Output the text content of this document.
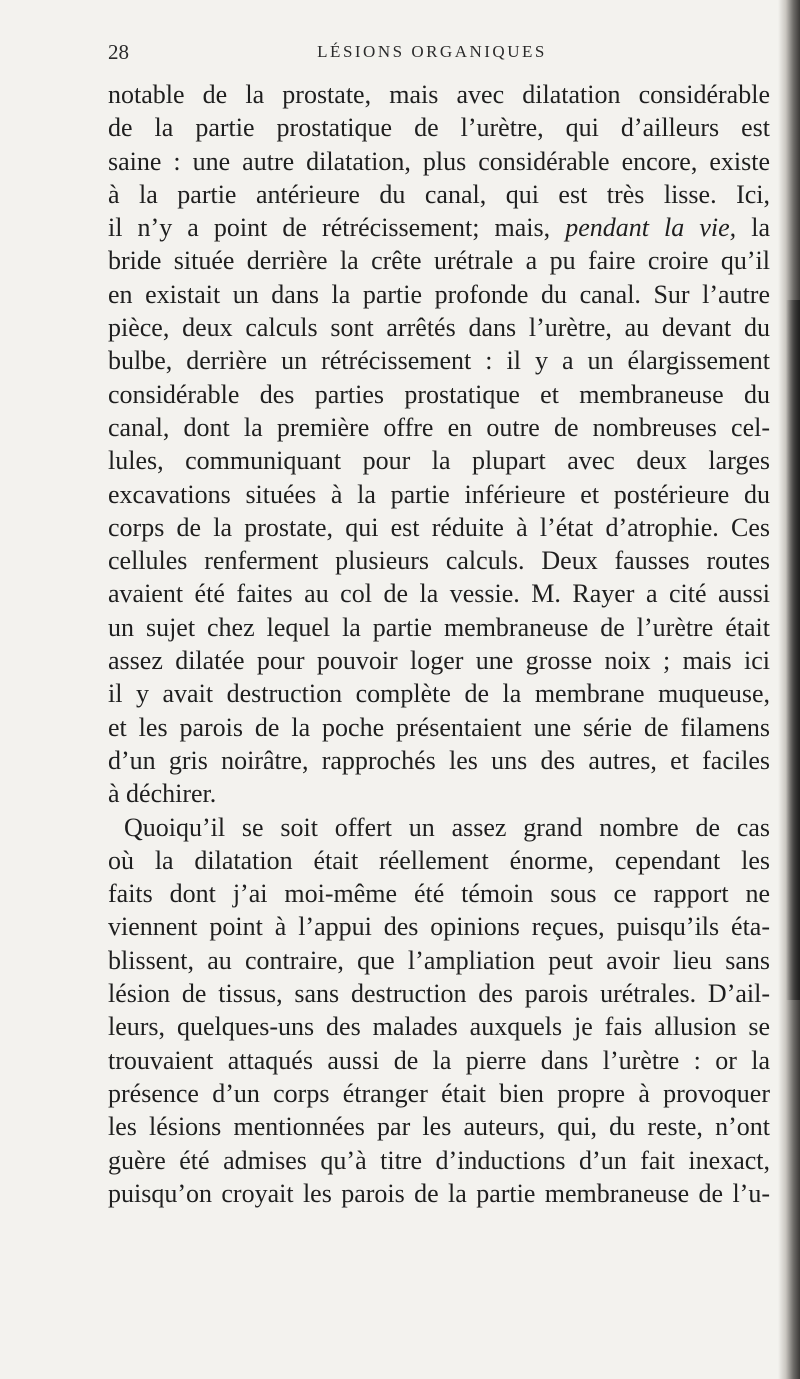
28	LÉSIONS ORGANIQUES
notable de la prostate, mais avec dilatation considérable
de la partie prostatique de l’urètre, qui d’ailleurs est
saine : une autre dilatation, plus considérable encore, existe
à la partie antérieure du canal, qui est très lisse. Ici,
il n’y a point de rétrécissement; mais, pendant la vie, la
bride située derrière la crête urétrale a pu faire croire qu’il
en existait un dans la partie profonde du canal. Sur l’autre
pièce, deux calculs sont arrêtés dans l’urètre, au devant du
bulbe, derrière un rétrécissement : il y a un élargissement
considérable des parties prostatique et membraneuse du
canal, dont la première offre en outre de nombreuses cel-
lules, communiquant pour la plupart avec deux larges
excavations situées à la partie inférieure et postérieure du
corps de la prostate, qui est réduite à l’état d’atrophie. Ces
cellules renferment plusieurs calculs. Deux fausses routes
avaient été faites au col de la vessie. M. Rayer a cité aussi
un sujet chez lequel la partie membraneuse de l’urètre était
assez dilatée pour pouvoir loger une grosse noix ; mais ici
il y avait destruction complète de la membrane muqueuse,
et les parois de la poche présentaient une série de filamens
d’un gris noirâtre, rapprochés les uns des autres, et faciles
à déchirer.
Quoiqu’il se soit offert un assez grand nombre de cas
où la dilatation était réellement énorme, cependant les
faits dont j’ai moi-même été témoin sous ce rapport ne
viennent point à l’appui des opinions reçues, puisqu’ils éta-
blissent, au contraire, que l’ampliation peut avoir lieu sans
lésion de tissus, sans destruction des parois urétrales. D’ail-
leurs, quelques-uns des malades auxquels je fais allusion se
trouvaient attaqués aussi de la pierre dans l’urètre : or la
présence d’un corps étranger était bien propre à provoquer
les lésions mentionnées par les auteurs, qui, du reste, n’ont
guère été admises qu’à titre d’inductions d’un fait inexact,
puisqu’on croyait les parois de la partie membraneuse de l’u-
